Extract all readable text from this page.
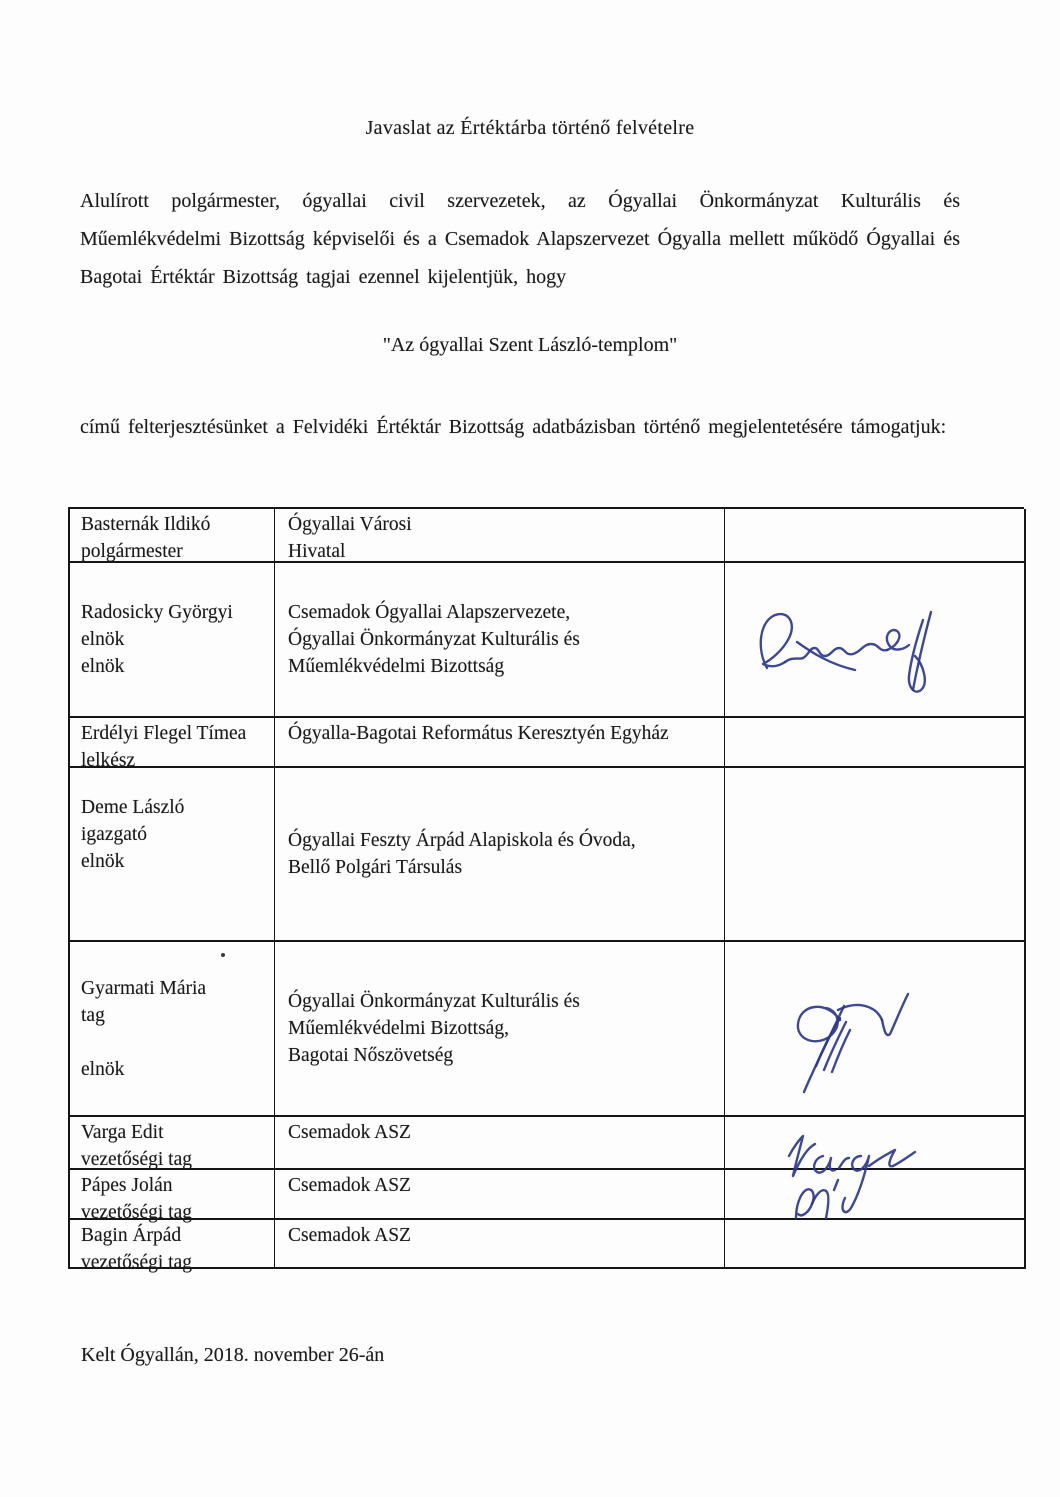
Javaslat az Értéktárba történő felvételre

Alulírott polgármester, ógyallai civil szervezetek, az Ógyallai Önkormányzat Kulturális és Műemlékvédelmi Bizottság képviselői és a Csemadok Alapszervezet Ógyalla mellett működő Ógyallai és Bagotai Értéktár Bizottság tagjai ezennel kijelentjük, hogy

"Az ógyallai Szent László-templom"

című felterjesztésünket a Felvidéki Értéktár Bizottság adatbázisban történő megjelentetésére támogatjuk:

Basternák Ildikó
polgármester
Ógyallai Városi
Hivatal
Radosicky Györgyi
elnök
elnök
Csemadok Ógyallai Alapszervezete,
Ógyallai Önkormányzat Kulturális és
Műemlékvédelmi Bizottság
Erdélyi Flegel Tímea
lelkész
Ógyalla-Bagotai Református Keresztyén Egyház
Deme László
igazgató
elnök
Ógyallai Feszty Árpád Alapiskola és Óvoda,
Bellő Polgári Társulás
Gyarmati Mária
tag

elnök
Ógyallai Önkormányzat Kulturális és
Műemlékvédelmi Bizottság,
Bagotai Nőszövetség
Varga Edit
vezetőségi tag
Csemadok ASZ
Pápes Jolán
vezetőségi tag
Csemadok ASZ
Bagin Árpád
vezetőségi tag
Csemadok ASZ

Kelt Ógyallán, 2018. november 26-án
